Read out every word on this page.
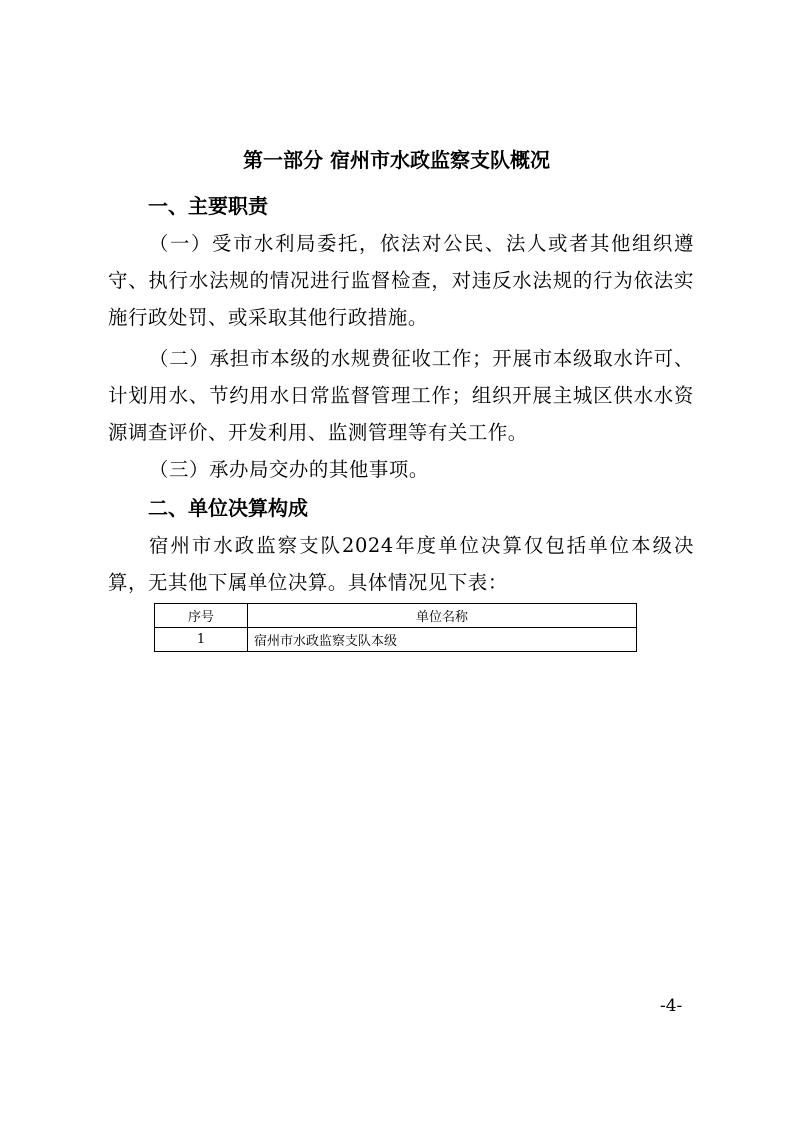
第一部分 宿州市水政监察支队概况
一、主要职责
（一）受市水利局委托，依法对公民、法人或者其他组织遵守、执行水法规的情况进行监督检查，对违反水法规的行为依法实施行政处罚、或采取其他行政措施。
（二）承担市本级的水规费征收工作；开展市本级取水许可、计划用水、节约用水日常监督管理工作；组织开展主城区供水水资源调查评价、开发利用、监测管理等有关工作。
（三）承办局交办的其他事项。
二、单位决算构成
宿州市水政监察支队2024年度单位决算仅包括单位本级决算，无其他下属单位决算。具体情况见下表：
序号	单位名称
1	宿州市水政监察支队本级
-4-
